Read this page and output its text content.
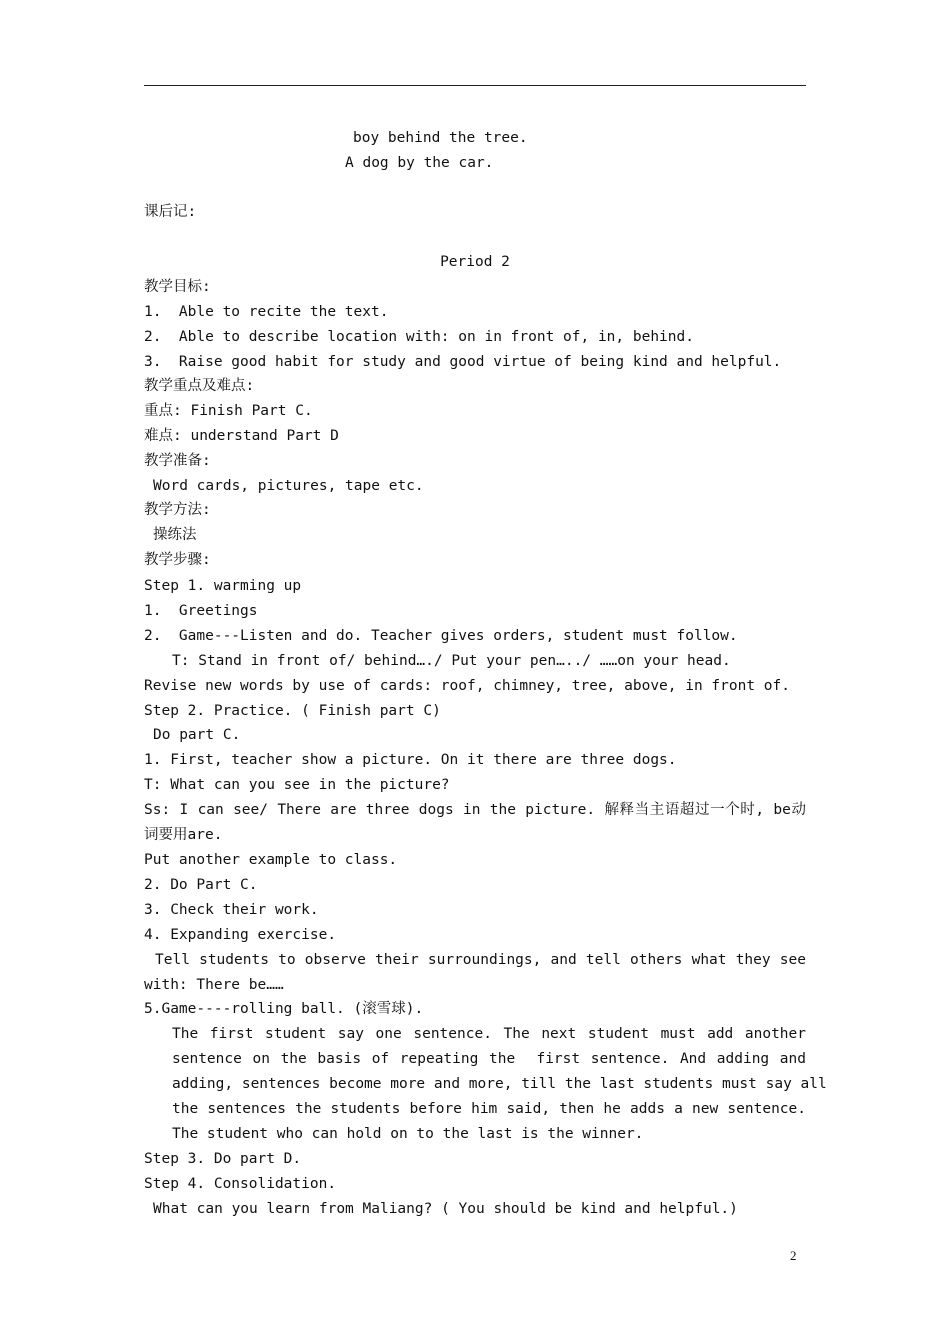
boy behind the tree.
A dog by the car.
课后记:
Period 2
教学目标:
1.  Able to recite the text.
2.  Able to describe location with: on in front of, in, behind.
3.  Raise good habit for study and good virtue of being kind and helpful.
教学重点及难点:
重点: Finish Part C.
难点: understand Part D
教学准备:
Word cards, pictures, tape etc.
教学方法:
操练法
教学步骤:
Step 1. warming up
1.  Greetings
2.  Game---Listen and do. Teacher gives orders, student must follow.
T: Stand in front of/ behind…./ Put your pen…../ ……on your head.
Revise new words by use of cards: roof, chimney, tree, above, in front of.
Step 2. Practice. ( Finish part C)
Do part C.
1. First, teacher show a picture. On it there are three dogs.
T: What can you see in the picture?
Ss: I can see/ There are three dogs in the picture. 解释当主语超过一个时, be动
词要用are.
Put another example to class.
2. Do Part C.
3. Check their work.
4. Expanding exercise.
Tell students to observe their surroundings, and tell others what they see
with: There be……
5.Game----rolling ball. (滚雪球).
The first student say one sentence. The next student must add another
sentence on the basis of repeating the  first sentence. And adding and
adding, sentences become more and more, till the last students must say all
the sentences the students before him said, then he adds a new sentence.
The student who can hold on to the last is the winner.
Step 3. Do part D.
Step 4. Consolidation.
What can you learn from Maliang? ( You should be kind and helpful.)
2
